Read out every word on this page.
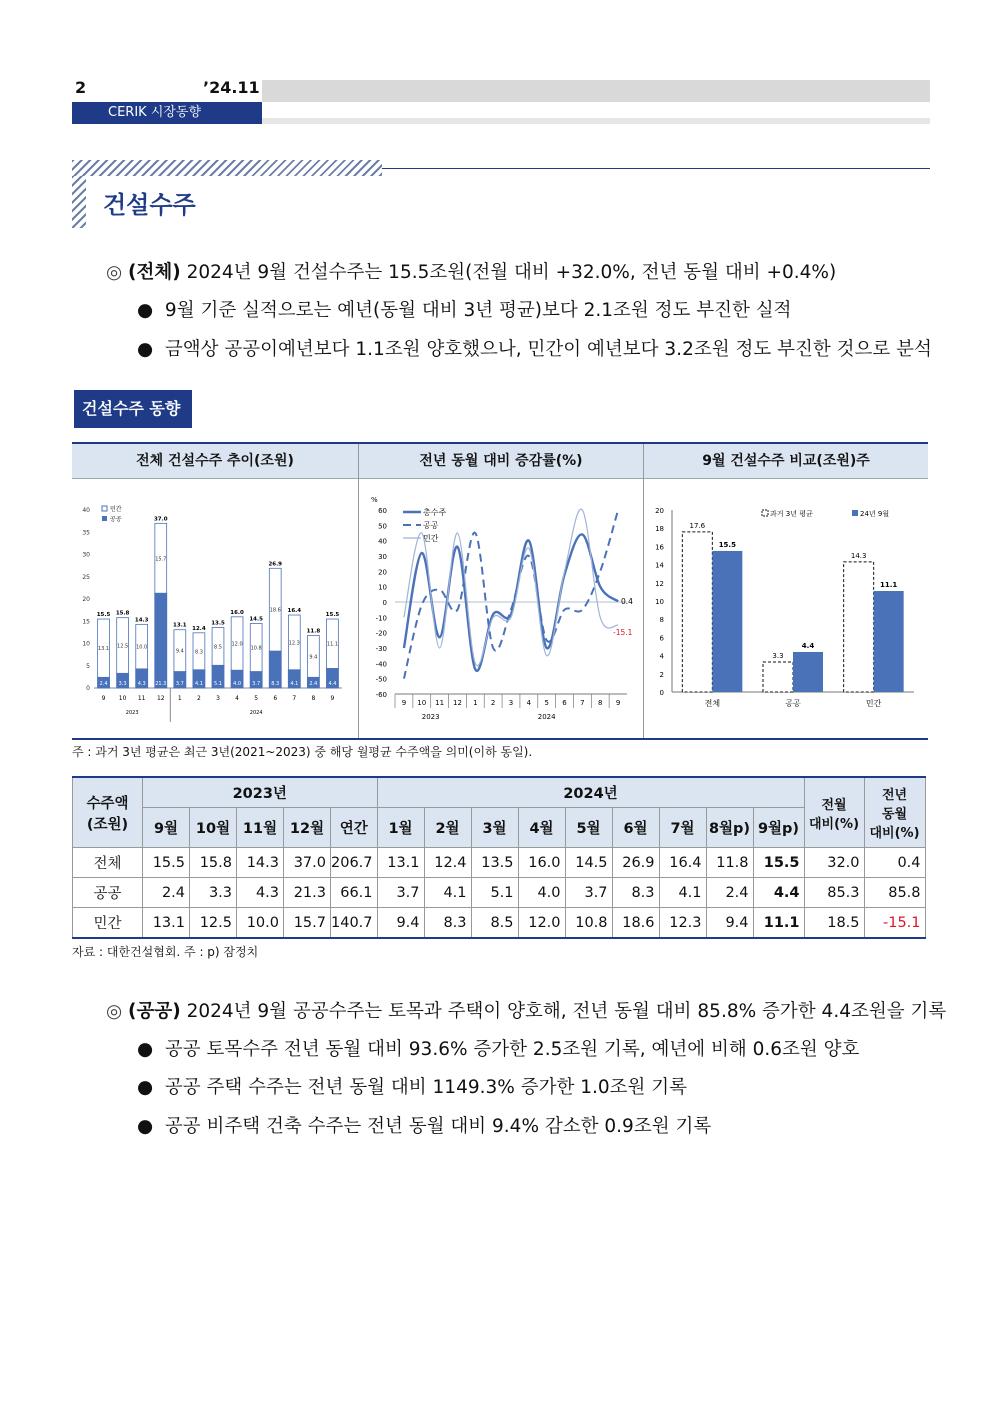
2	’24.11
CERIK 시장동향
건설수주
◎ (전체) 2024년 9월 건설수주는 15.5조원(전월 대비 +32.0%, 전년 동월 대비 +0.4%)
● 9월 기준 실적으로는 예년(동월 대비 3년 평균)보다 2.1조원 정도 부진한 실적
● 금액상 공공이예년보다 1.1조원 양호했으나, 민간이 예년보다 3.2조원 정도 부진한 것으로 분석
건설수주 동향
전체 건설수주 추이(조원)	전년 동월 대비 증감률(%)	9월 건설수주 비교(조원)주
0
5
10
15
20
25
30
35
40
15.5
2.4
13.1
9
15.8
3.3
12.5
10
14.3
4.3
10.0
11
37.0
21.3
15.7
12
13.1
3.7
9.4
1
12.4
4.1
8.3
2
13.5
5.1
8.5
3
16.0
4.0
12.0
4
14.5
3.7
10.8
5
26.9
8.3
18.6
6
16.4
4.1
12.3
7
11.8
2.4
9.4
8
15.5
4.4
11.1
9
2023	2024
민간
공공
%
-60
-50
-40
-30
-20
-10
0
10
20
30
40
50
60
9 10 11 12 1 2 3 4 5 6 7 8 9
2023	2024
총수주
공공
민간
0.4
-15.1
0
2
4
6
8
10
12
14
16
18
20
17.6
15.5
전체
3.3
4.4
공공
14.3
11.1
민간
과거 3년 평균	24년 9월
주 : 과거 3년 평균은 최근 3년(2021~2023) 중 해당 월평균 수주액을 의미(이하 동일).
수주액
(조원)	2023년					2024년									전월
대비(%)	전년
동월
대비(%)
	9월	10월	11월	12월	연간	1월	2월	3월	4월	5월	6월	7월	8월p)	9월p)		
전체	15.5	15.8	14.3	37.0	206.7	13.1	12.4	13.5	16.0	14.5	26.9	16.4	11.8	15.5	32.0	0.4
공공	2.4	3.3	4.3	21.3	66.1	3.7	4.1	5.1	4.0	3.7	8.3	4.1	2.4	4.4	85.3	85.8
민간	13.1	12.5	10.0	15.7	140.7	9.4	8.3	8.5	12.0	10.8	18.6	12.3	9.4	11.1	18.5	-15.1
자료 : 대한건설협회. 주 : p) 잠정치
◎ (공공) 2024년 9월 공공수주는 토목과 주택이 양호해, 전년 동월 대비 85.8% 증가한 4.4조원을 기록
● 공공 토목수주 전년 동월 대비 93.6% 증가한 2.5조원 기록, 예년에 비해 0.6조원 양호
● 공공 주택 수주는 전년 동월 대비 1149.3% 증가한 1.0조원 기록
● 공공 비주택 건축 수주는 전년 동월 대비 9.4% 감소한 0.9조원 기록
